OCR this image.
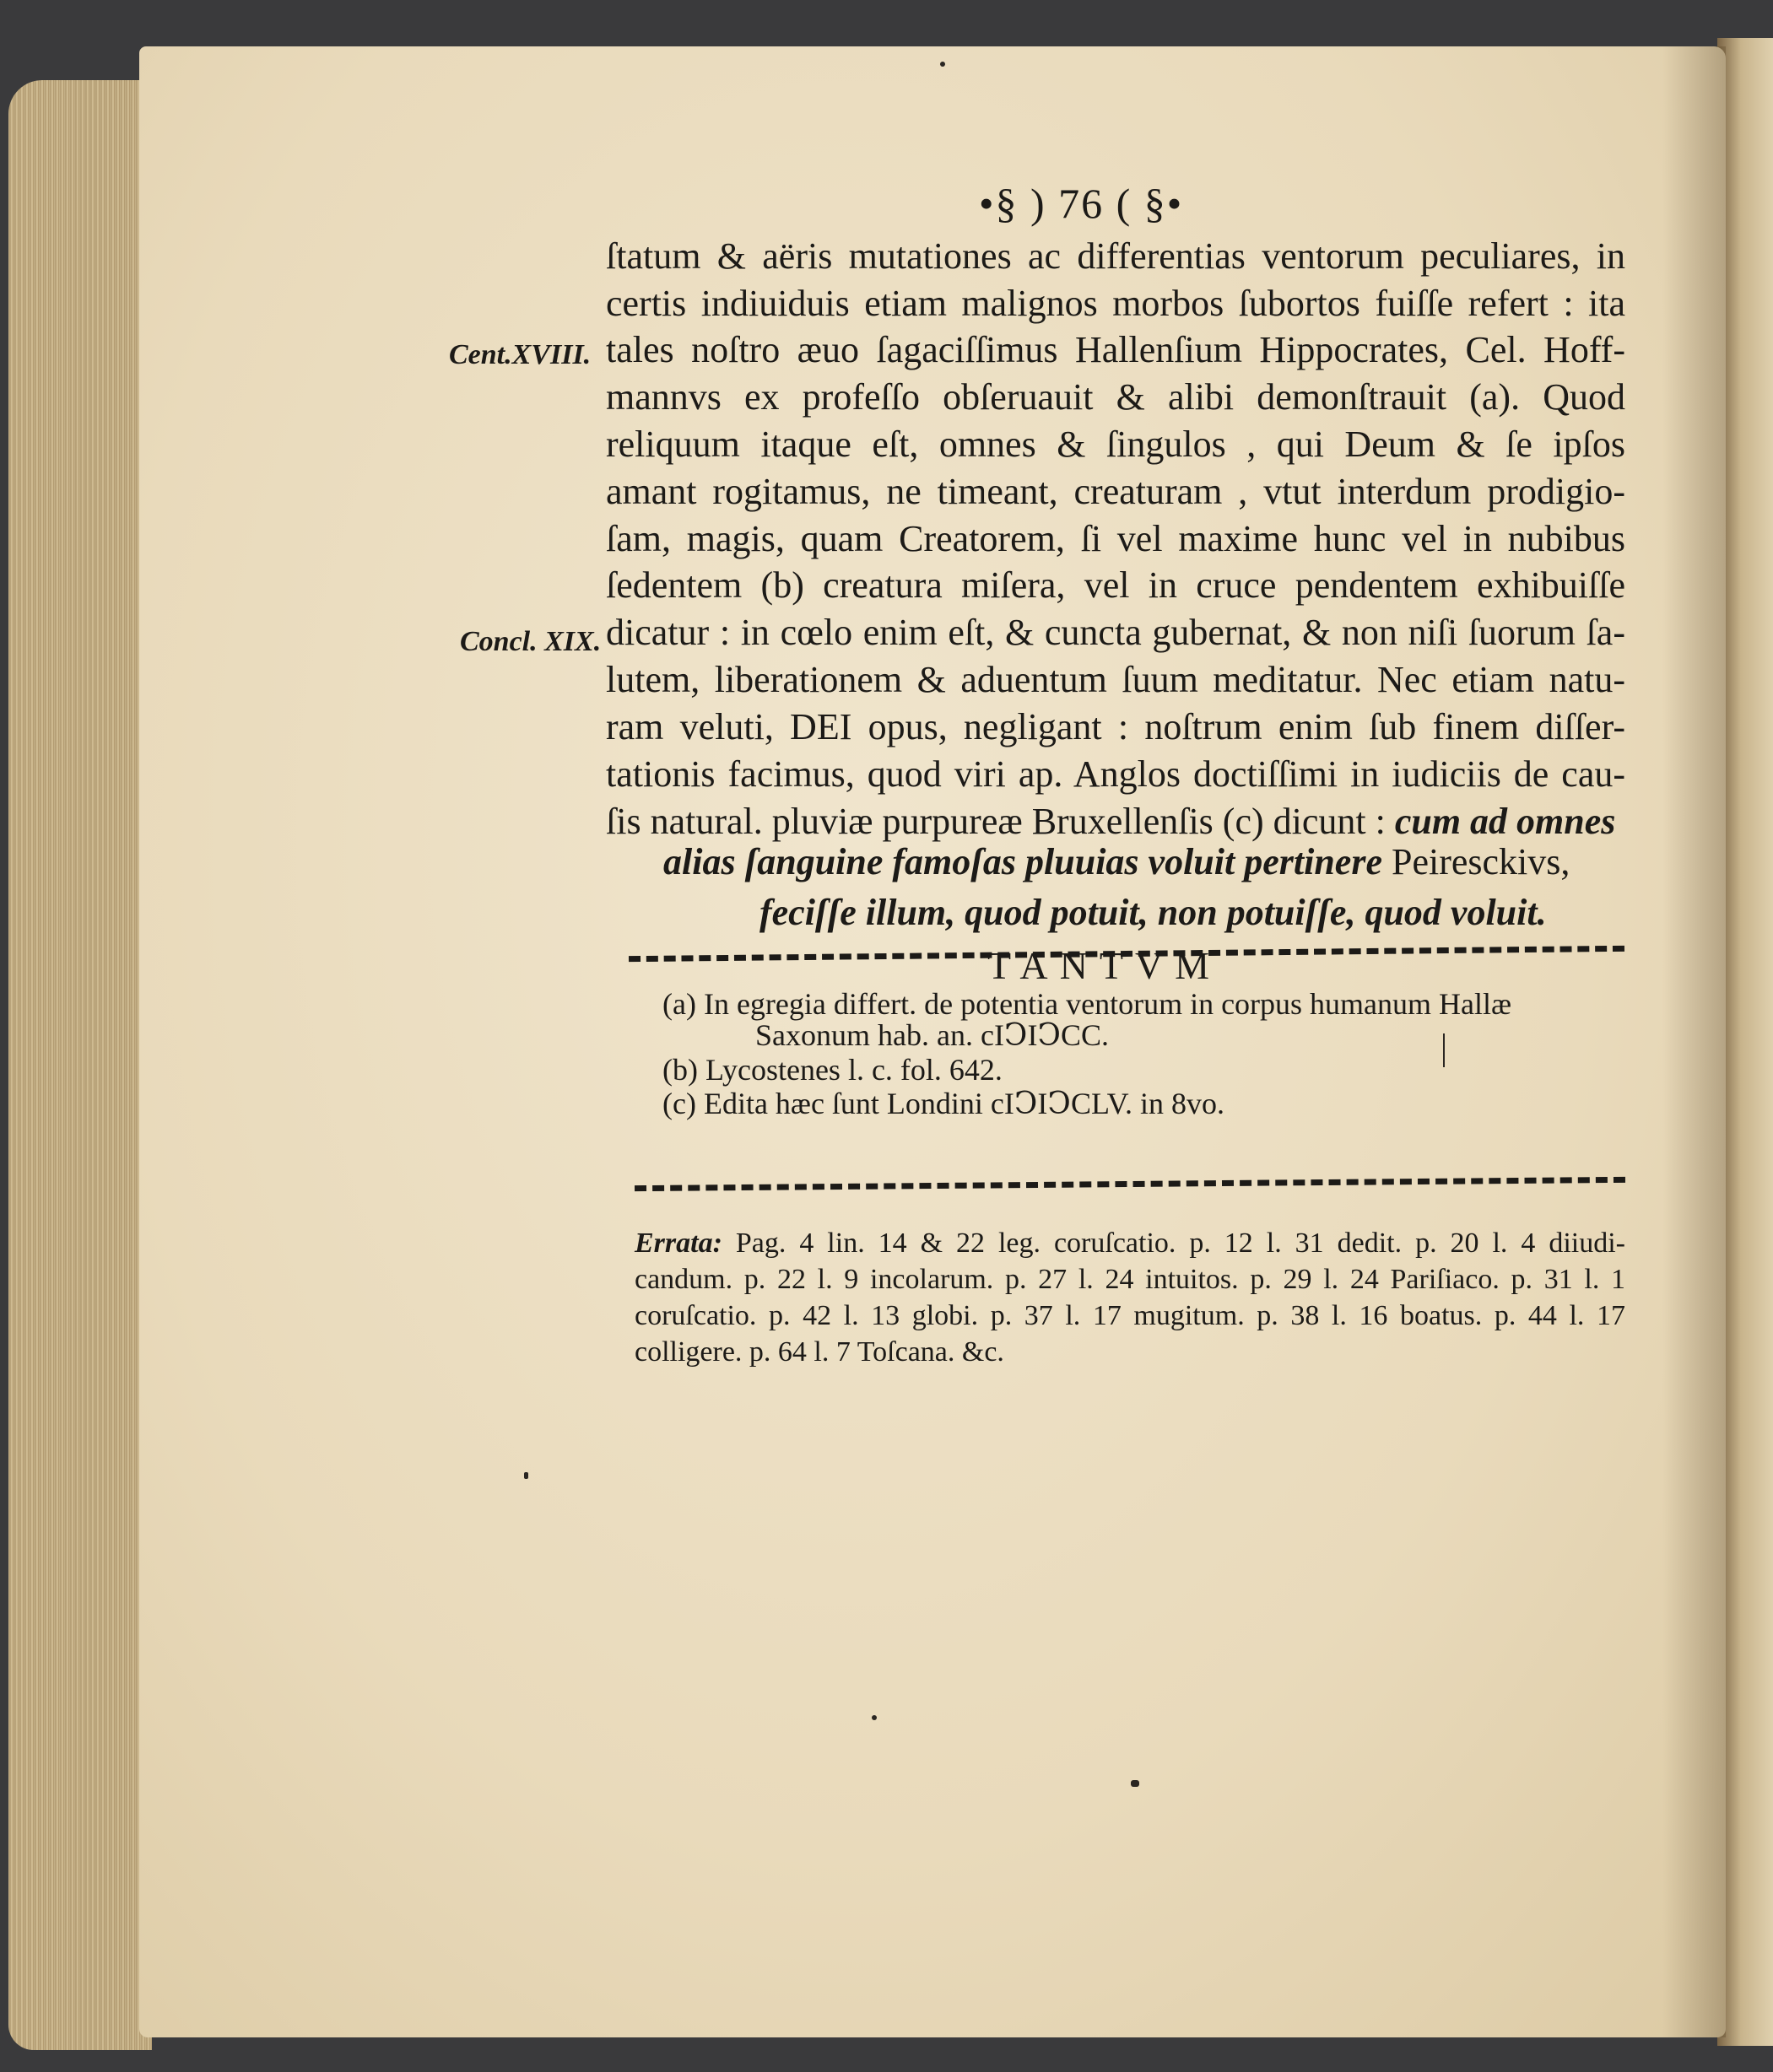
•§ ) 76 ( §•
Cent.XVIII.
Concl. XIX.
ſtatum & aëris mutationes ac differentias ventorum peculiares, in
certis indiuiduis etiam malignos morbos ſubortos fuiſſe refert : ita
tales noſtro æuo ſagaciſſimus Hallenſium Hippocrates, Cel. Hoff-
mannvs ex profeſſo obſeruauit & alibi demonſtrauit (a). Quod
reliquum itaque eſt, omnes & ſingulos , qui Deum & ſe ipſos
amant rogitamus, ne timeant, creaturam , vtut interdum prodigio-
ſam, magis, quam Creatorem, ſi vel maxime hunc vel in nubibus
ſedentem (b) creatura miſera, vel in cruce pendentem exhibuiſſe
dicatur : in cœlo enim eſt, & cuncta gubernat, & non niſi ſuorum ſa-
lutem, liberationem & aduentum ſuum meditatur. Nec etiam natu-
ram veluti, DEI opus, negligant : noſtrum enim ſub finem diſſer-
tationis facimus, quod viri ap. Anglos doctiſſimi in iudiciis de cau-
ſis natural. pluviæ purpureæ Bruxellenſis (c) dicunt : cum ad omnes
alias ſanguine famoſas pluuias voluit pertinere Peiresckivs,
feciſſe illum, quod potuit, non potuiſſe, quod voluit.
TANTVM
(a) In egregia differt. de potentia ventorum in corpus humanum Hallæ
Saxonum hab. an. cIↃIↃCC.
(b) Lycostenes l. c. fol. 642.
(c) Edita hæc ſunt Londini cIↃIↃCLV. in 8vo.
Errata: Pag. 4 lin. 14 & 22 leg. coruſcatio. p. 12 l. 31 dedit. p. 20 l. 4 diiudi-
candum. p. 22 l. 9 incolarum. p. 27 l. 24 intuitos. p. 29 l. 24 Pariſiaco. p. 31 l. 1
coruſcatio. p. 42 l. 13 globi. p. 37 l. 17 mugitum. p. 38 l. 16 boatus. p. 44 l. 17
colligere. p. 64 l. 7 Toſcana. &c.
